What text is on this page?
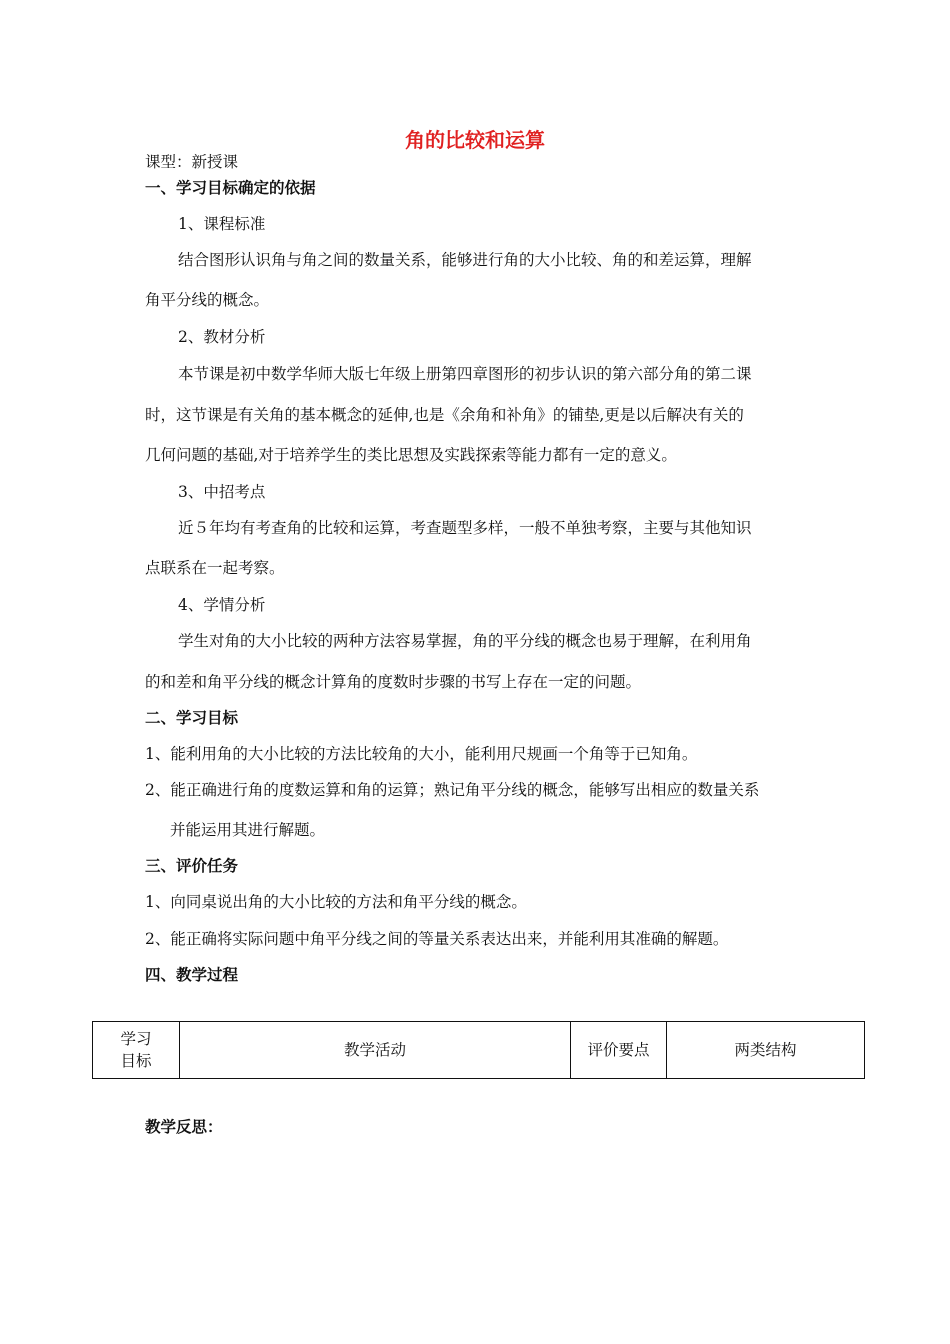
角的比较和运算
课型：新授课
一、学习目标确定的依据
1、课程标准
结合图形认识角与角之间的数量关系，能够进行角的大小比较、角的和差运算，理解
角平分线的概念。
2、教材分析
本节课是初中数学华师大版七年级上册第四章图形的初步认识的第六部分角的第二课
时，这节课是有关角的基本概念的延伸,也是《余角和补角》的铺垫,更是以后解决有关的
几何问题的基础,对于培养学生的类比思想及实践探索等能力都有一定的意义。
3、中招考点
近５年均有考查角的比较和运算，考查题型多样，一般不单独考察，主要与其他知识
点联系在一起考察。
4、学情分析
学生对角的大小比较的两种方法容易掌握，角的平分线的概念也易于理解，在利用角
的和差和角平分线的概念计算角的度数时步骤的书写上存在一定的问题。
二、学习目标
1、能利用角的大小比较的方法比较角的大小，能利用尺规画一个角等于已知角。
2、能正确进行角的度数运算和角的运算；熟记角平分线的概念，能够写出相应的数量关系
并能运用其进行解题。
三、评价任务
1、向同桌说出角的大小比较的方法和角平分线的概念。
2、能正确将实际问题中角平分线之间的等量关系表达出来，并能利用其准确的解题。
四、教学过程
学习
目标
	教学活动	评价要点	两类结构
教学反思：
